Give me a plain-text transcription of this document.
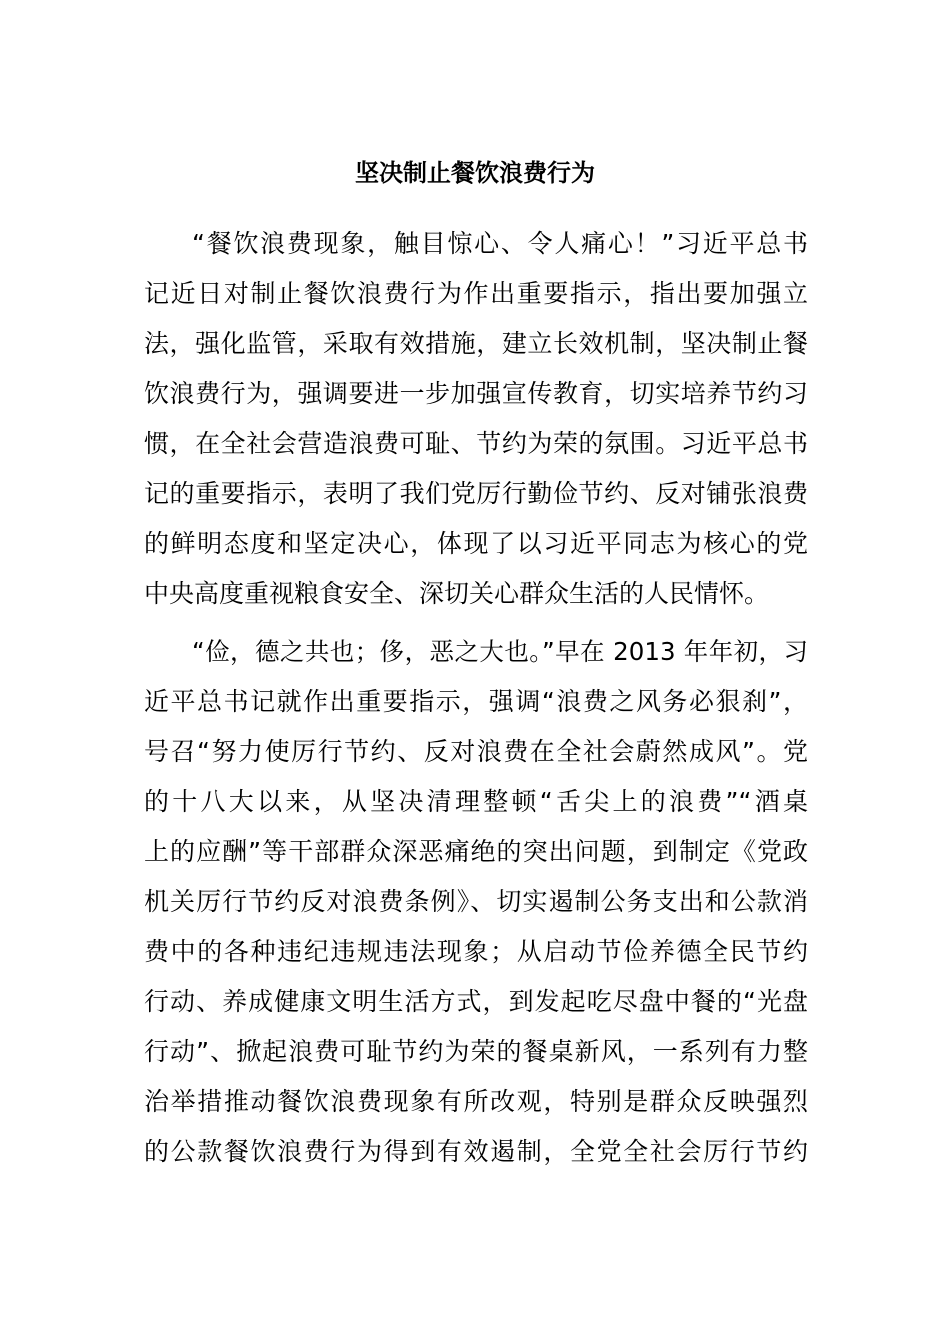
坚决制止餐饮浪费行为
“餐饮浪费现象，触目惊心、令人痛心！”习近平总书
记近日对制止餐饮浪费行为作出重要指示，指出要加强立
法，强化监管，采取有效措施，建立长效机制，坚决制止餐
饮浪费行为，强调要进一步加强宣传教育，切实培养节约习
惯，在全社会营造浪费可耻、节约为荣的氛围。习近平总书
记的重要指示，表明了我们党厉行勤俭节约、反对铺张浪费
的鲜明态度和坚定决心，体现了以习近平同志为核心的党
中央高度重视粮食安全、深切关心群众生活的人民情怀。
“俭，德之共也；侈，恶之大也。”早在 2013 年年初，习
近平总书记就作出重要指示，强调“浪费之风务必狠刹”，
号召“努力使厉行节约、反对浪费在全社会蔚然成风”。党
的十八大以来，从坚决清理整顿“舌尖上的浪费”“酒桌
上的应酬”等干部群众深恶痛绝的突出问题，到制定《党政
机关厉行节约反对浪费条例》、切实遏制公务支出和公款消
费中的各种违纪违规违法现象；从启动节俭养德全民节约
行动、养成健康文明生活方式，到发起吃尽盘中餐的“光盘
行动”、掀起浪费可耻节约为荣的餐桌新风，一系列有力整
治举措推动餐饮浪费现象有所改观，特别是群众反映强烈
的公款餐饮浪费行为得到有效遏制，全党全社会厉行节约
